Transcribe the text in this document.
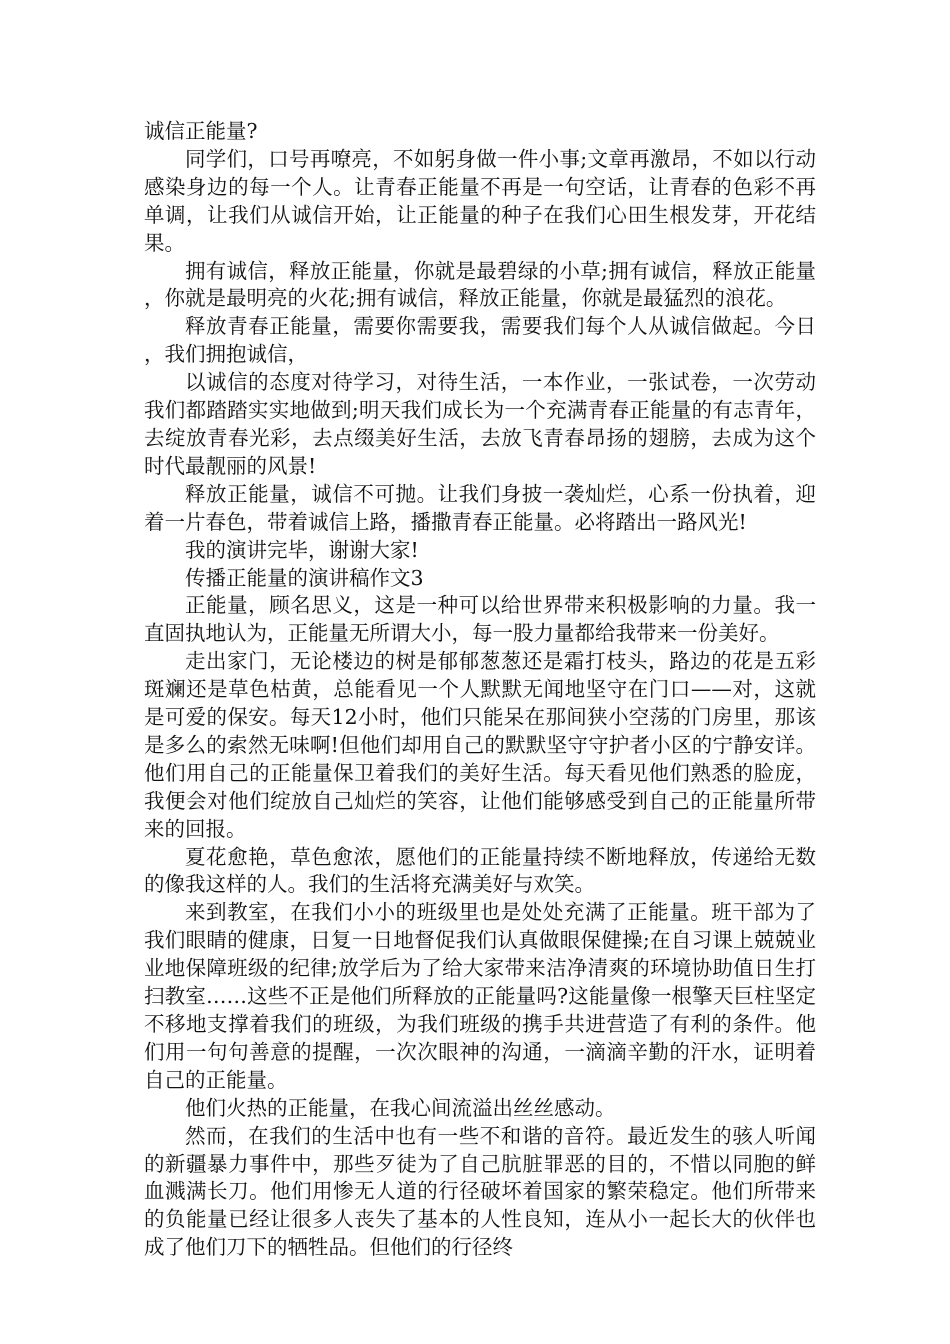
诚信正能量?

同学们，口号再嘹亮，不如躬身做一件小事;文章再激昂，不如以行动感染身边的每一个人。让青春正能量不再是一句空话，让青春的色彩不再单调，让我们从诚信开始，让正能量的种子在我们心田生根发芽，开花结果。

拥有诚信，释放正能量，你就是最碧绿的小草;拥有诚信，释放正能量，你就是最明亮的火花;拥有诚信，释放正能量，你就是最猛烈的浪花。

释放青春正能量，需要你需要我，需要我们每个人从诚信做起。今日，我们拥抱诚信，

以诚信的态度对待学习，对待生活，一本作业，一张试卷，一次劳动我们都踏踏实实地做到;明天我们成长为一个充满青春正能量的有志青年，去绽放青春光彩，去点缀美好生活，去放飞青春昂扬的翅膀，去成为这个时代最靓丽的风景!

释放正能量，诚信不可抛。让我们身披一袭灿烂，心系一份执着，迎着一片春色，带着诚信上路，播撒青春正能量。必将踏出一路风光!

我的演讲完毕，谢谢大家!

传播正能量的演讲稿作文3

正能量，顾名思义，这是一种可以给世界带来积极影响的力量。我一直固执地认为，正能量无所谓大小，每一股力量都给我带来一份美好。

走出家门，无论楼边的树是郁郁葱葱还是霜打枝头，路边的花是五彩斑斓还是草色枯黄，总能看见一个人默默无闻地坚守在门口——对，这就是可爱的保安。每天12小时，他们只能呆在那间狭小空荡的门房里，那该是多么的索然无味啊!但他们却用自己的默默坚守守护者小区的宁静安详。他们用自己的正能量保卫着我们的美好生活。每天看见他们熟悉的脸庞，我便会对他们绽放自己灿烂的笑容，让他们能够感受到自己的正能量所带来的回报。

夏花愈艳，草色愈浓，愿他们的正能量持续不断地释放，传递给无数的像我这样的人。我们的生活将充满美好与欢笑。

来到教室，在我们小小的班级里也是处处充满了正能量。班干部为了我们眼睛的健康，日复一日地督促我们认真做眼保健操;在自习课上兢兢业业地保障班级的纪律;放学后为了给大家带来洁净清爽的环境协助值日生打扫教室……这些不正是他们所释放的正能量吗?这能量像一根擎天巨柱坚定不移地支撑着我们的班级，为我们班级的携手共进营造了有利的条件。他们用一句句善意的提醒，一次次眼神的沟通，一滴滴辛勤的汗水，证明着自己的正能量。

他们火热的正能量，在我心间流溢出丝丝感动。

然而，在我们的生活中也有一些不和谐的音符。最近发生的骇人听闻的新疆暴力事件中，那些歹徒为了自己肮脏罪恶的目的，不惜以同胞的鲜血溅满长刀。他们用惨无人道的行径破坏着国家的繁荣稳定。他们所带来的负能量已经让很多人丧失了基本的人性良知，连从小一起长大的伙伴也成了他们刀下的牺牲品。但他们的行径终
